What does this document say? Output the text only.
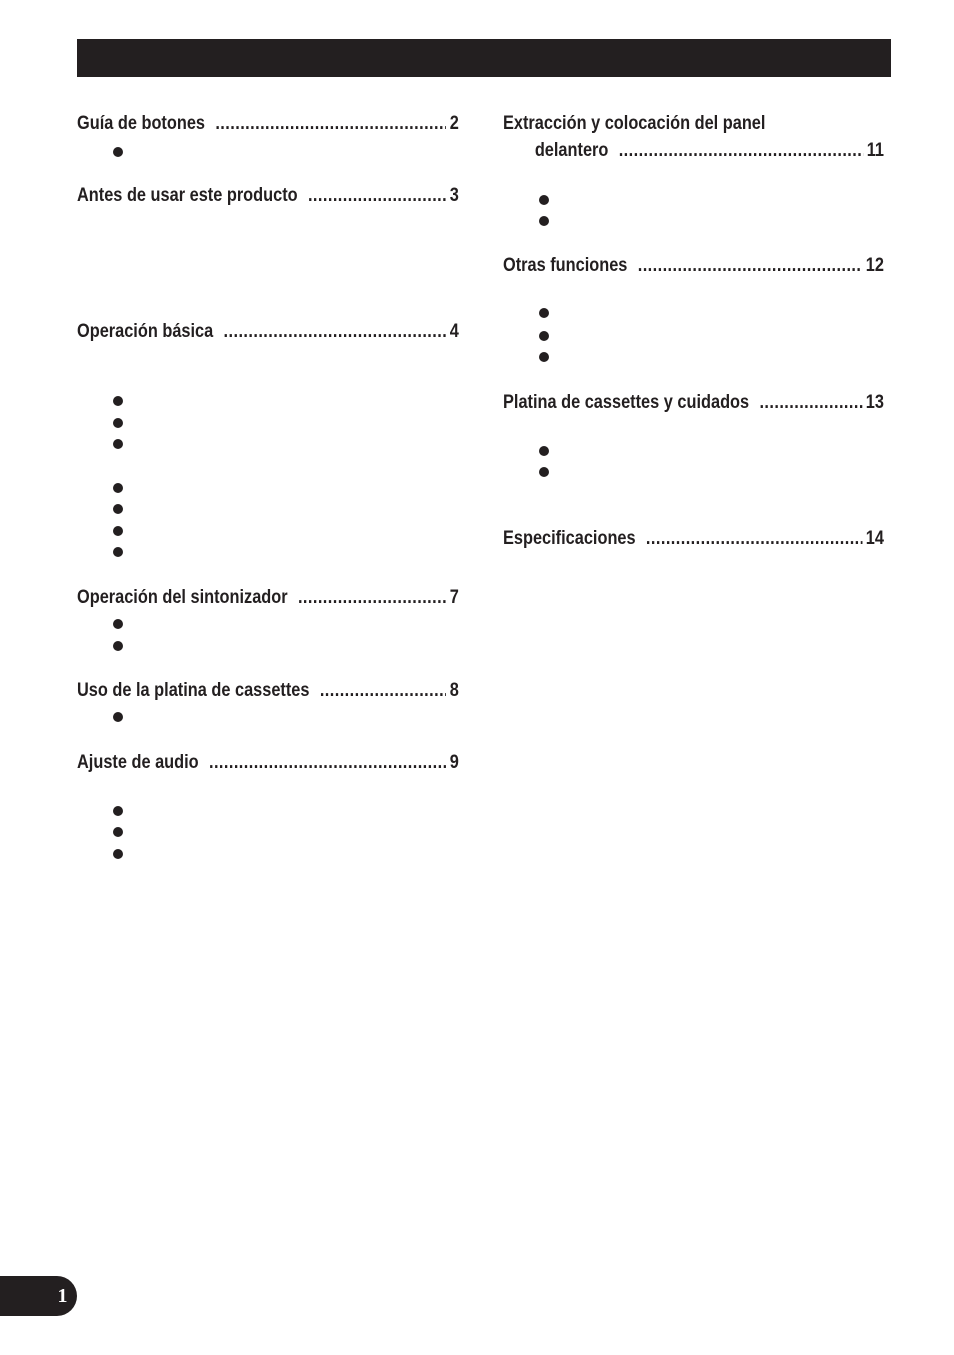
Guía de botones .....	2
Antes de usar este producto .....	3
Operación básica .....	4
Operación del sintonizador .....	7
Uso de la platina de cassettes .....	8
Ajuste de audio .....	9
Extracción y colocación del panel
delantero .....	11
Otras funciones .....	12
Platina de cassettes y cuidados .....	13
Especificaciones .....	14
1
